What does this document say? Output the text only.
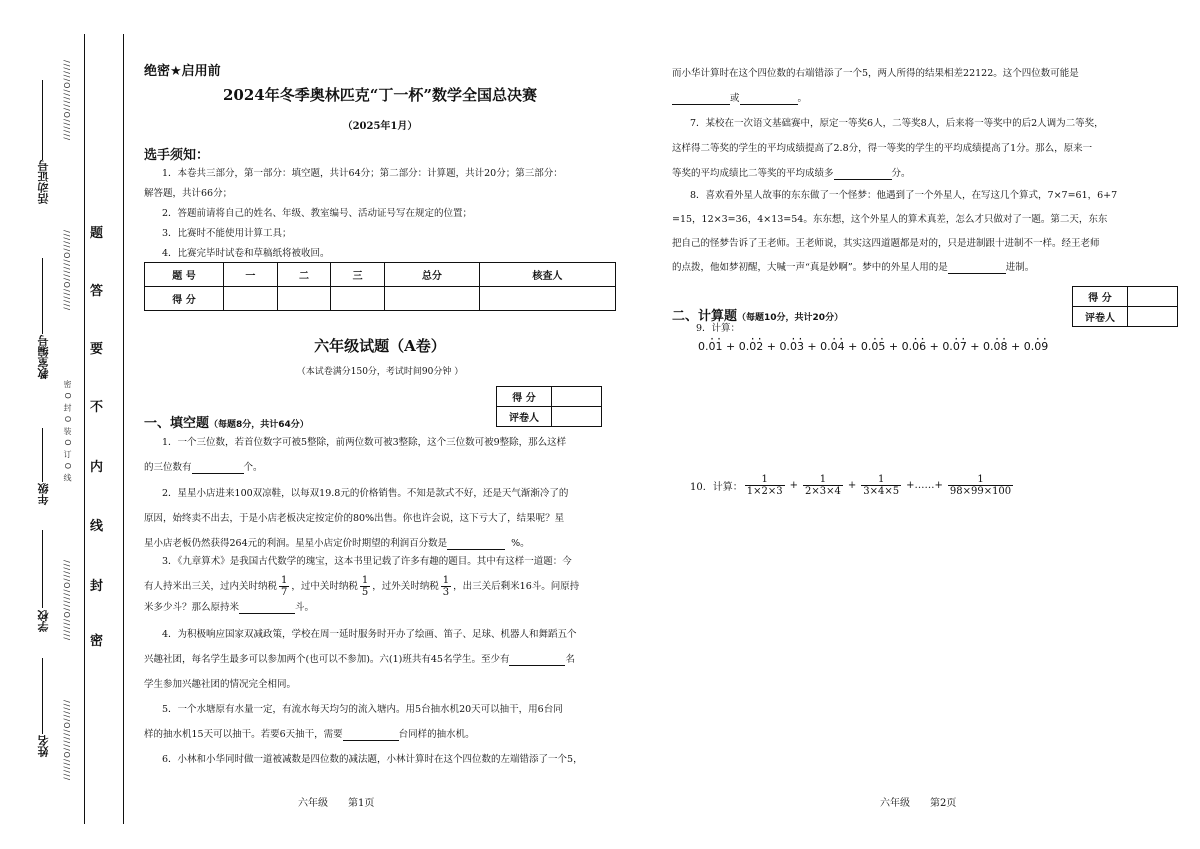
活动证号
教室编号
年级
学校
姓名
//////O//////O//////
//////O//////O//////
密 O 封 O 装 O 订 O 线
//////O//////O//////
//////O//////O//////
题
答
要
不
内
线
封
密
绝密★启用前
2024年冬季奥林匹克“丁一杯”数学全国总决赛
（2025年1月）
选手须知：
1．本卷共三部分，第一部分：填空题，共计64分；第二部分：计算题，共计20分；第三部分：
解答题，共计66分；
2．答题前请将自己的姓名、年级、教室编号、活动证号写在规定的位置；
3．比赛时不能使用计算工具；
4．比赛完毕时试卷和草稿纸将被收回。
题 号	一	二	三	总分	核查人
得 分					
六年级试题（A卷）
（本试卷满分150分，考试时间90分钟 ）
得 分	
评卷人	
一、填空题（每题8分，共计64分）
1．一个三位数，若首位数字可被5整除，前两位数可被3整除，这个三位数可被9整除，那么这样
的三位数有	个。
2．星星小店进来100双凉鞋，以每双19.8元的价格销售。不知是款式不好，还是天气渐渐冷了的
原因，始终卖不出去，于是小店老板决定按定价的80%出售。你也许会说，这下亏大了，结果呢？星
星小店老板仍然获得264元的利润。星星小店定价时期望的利润百分数是	%。
3．《九章算术》是我国古代数学的瑰宝，这本书里记载了许多有趣的题目。其中有这样一道题：今
有人持米出三关，过内关时纳税 $\frac{1}{7}$ ，过中关时纳税 $\frac{1}{5}$ ，过外关时纳税 $\frac{1}{3}$ ，出三关后剩米16斗。问原持
米多少斗？那么原持米	斗。
4．为积极响应国家双减政策，学校在周一延时服务时开办了绘画、笛子、足球、机器人和舞蹈五个
兴趣社团，每名学生最多可以参加两个(也可以不参加)。六(1)班共有45名学生。至少有	名
学生参加兴趣社团的情况完全相同。
5．一个水塘原有水量一定，有流水每天均匀的流入塘内。用5台抽水机20天可以抽干，用6台同
样的抽水机15天可以抽干。若要6天抽干，需要	台同样的抽水机。
6．小林和小华同时做一道被减数是四位数的减法题，小林计算时在这个四位数的左端错添了一个5，
六年级　　第1页
而小华计算时在这个四位数的右端错添了一个5，两人所得的结果相差22122。这个四位数可能是
或	。
7．某校在一次语文基础赛中，原定一等奖6人，二等奖8人，后来将一等奖中的后2人调为二等奖，
这样得二等奖的学生的平均成绩提高了2.8分，得一等奖的学生的平均成绩提高了1分。那么，原来一
等奖的平均成绩比二等奖的平均成绩多	分。
8．喜欢看外星人故事的东东做了一个怪梦：他遇到了一个外星人，在写这几个算式，7×7=61，6+7
=15，12×3=36，4×13=54。东东想，这个外星人的算术真差，怎么才只做对了一题。第二天，东东
把自己的怪梦告诉了王老师。王老师说，其实这四道题都是对的，只是进制跟十进制不一样。经王老师
的点拨，他如梦初醒，大喊一声“真是妙啊”。梦中的外星人用的是	进制。
得 分	
评卷人	
二、计算题（每题10分，共计20分）
9．计算：
0.0 ·1 · + 0.0 ·2 · + 0.0 ·3 · + 0.0 ·4 · + 0.0 ·5 · + 0.0 ·6 · + 0.0 ·7 · + 0.0 ·8 · + 0.0 ·9 ·
10．计算： $\frac{1}{1\times 2\times 3} + \frac{1}{2\times 3\times 4} + \frac{1}{3\times 4\times 5}$ +……+ $\frac{1}{98\times 99\times 100}$
六年级　　第2页
